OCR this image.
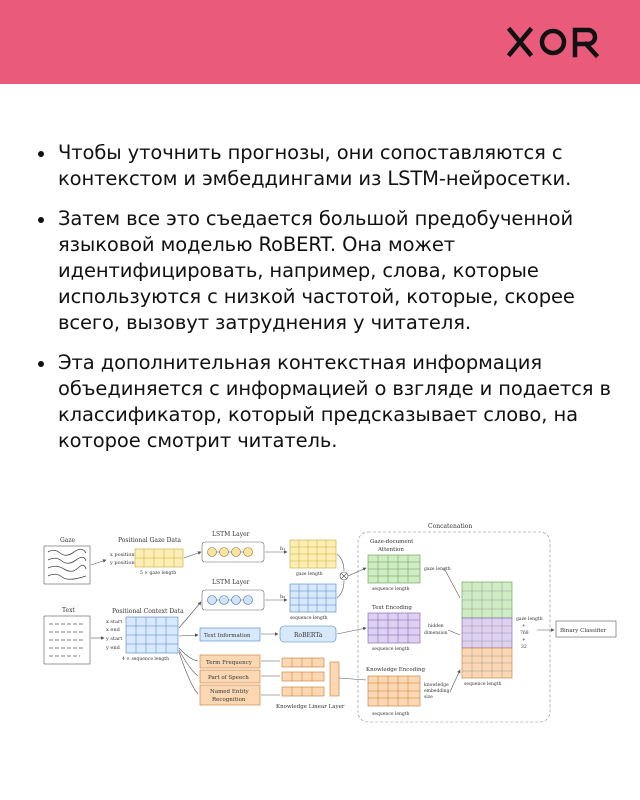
Чтобы уточнить прогнозы, они сопоставляются с контекстом и эмбеддингами из LSTM-нейросетки.
Затем все это съедается большой предобученной языковой моделью RoBERT. Она может идентифицировать, например, слова, которые используются с низкой частотой, которые, скорее всего, вызовут затруднения у читателя.
Эта дополнительная контекстная информация объединяется с информацией о взгляде и подается в классификатор, который предсказывает слово, на которое смотрит читатель.
Gaze
Text
Positional Gaze Data
x position
y position
5 × gaze length
Positional Context Data
x start
x end
y start
y end
4 × sequence length
LSTM Layer
LSTM Layer
h₁
gaze length
h₂
sequence length
Text Information	RoBERTa
Term Frequency
Part of Speech
Named Entity
Recognition
Knowledge Linear Layer
Concatenation
Gaze-document
Attention
gaze length
sequence length
Text Encoding
hidden
dimension
sequence length
Knowledge Encoding
knowledge
embedding
size
sequence length
sequence length
gaze length
+
768
+
32
Binary Classifier
